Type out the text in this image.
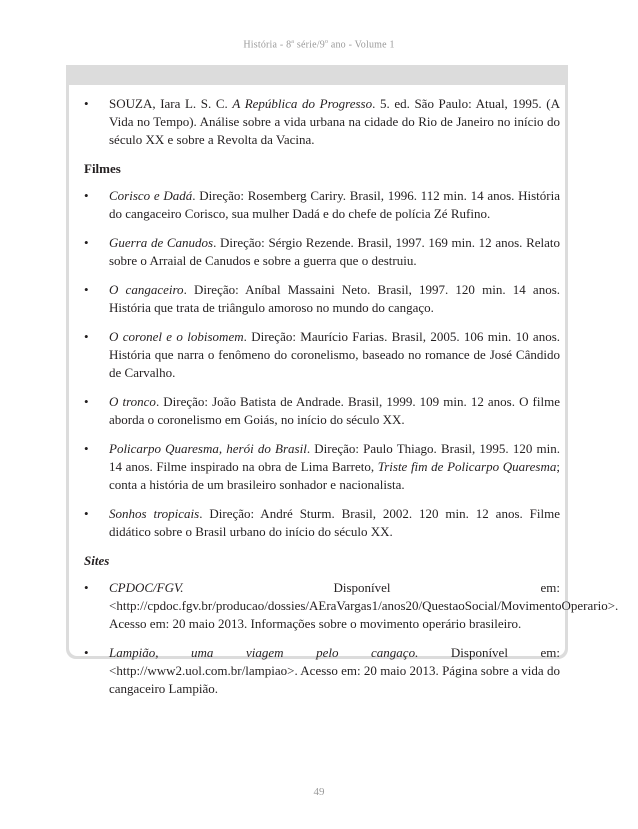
História - 8$^a$ série/9$^o$ ano - Volume 1
• SOUZA, Iara L. S. C. A República do Progresso. 5. ed. São Paulo: Atual, 1995. (A Vida no Tempo). Análise sobre a vida urbana na cidade do Rio de Janeiro no início do século XX e sobre a Revolta da Vacina.
Filmes
• Corisco e Dadá. Direção: Rosemberg Cariry. Brasil, 1996. 112 min. 14 anos. História do cangaceiro Corisco, sua mulher Dadá e do chefe de polícia Zé Rufino.
• Guerra de Canudos. Direção: Sérgio Rezende. Brasil, 1997. 169 min. 12 anos. Relato sobre o Arraial de Canudos e sobre a guerra que o destruiu.
• O cangaceiro. Direção: Aníbal Massaini Neto. Brasil, 1997. 120 min. 14 anos. História que trata de triângulo amoroso no mundo do cangaço.
• O coronel e o lobisomem. Direção: Maurício Farias. Brasil, 2005. 106 min. 10 anos. História que narra o fenômeno do coronelismo, baseado no romance de José Cândido de Carvalho.
• O tronco. Direção: João Batista de Andrade. Brasil, 1999. 109 min. 12 anos. O filme aborda o coronelismo em Goiás, no início do século XX.
• Policarpo Quaresma, herói do Brasil. Direção: Paulo Thiago. Brasil, 1995. 120 min. 14 anos. Filme inspirado na obra de Lima Barreto, Triste fim de Policarpo Quaresma; conta a história de um brasileiro sonhador e nacionalista.
• Sonhos tropicais. Direção: André Sturm. Brasil, 2002. 120 min. 12 anos. Filme didático sobre o Brasil urbano do início do século XX.
Sites
• CPDOC/FGV. Disponível em: <http://cpdoc.fgv.br/producao/dossies/AEraVargas1/anos20/QuestaoSocial/MovimentoOperario>. Acesso em: 20 maio 2013. Informações sobre o movimento operário brasileiro.
• Lampião, uma viagem pelo cangaço. Disponível em: <http://www2.uol.com.br/lampiao>. Acesso em: 20 maio 2013. Página sobre a vida do cangaceiro Lampião.
49
